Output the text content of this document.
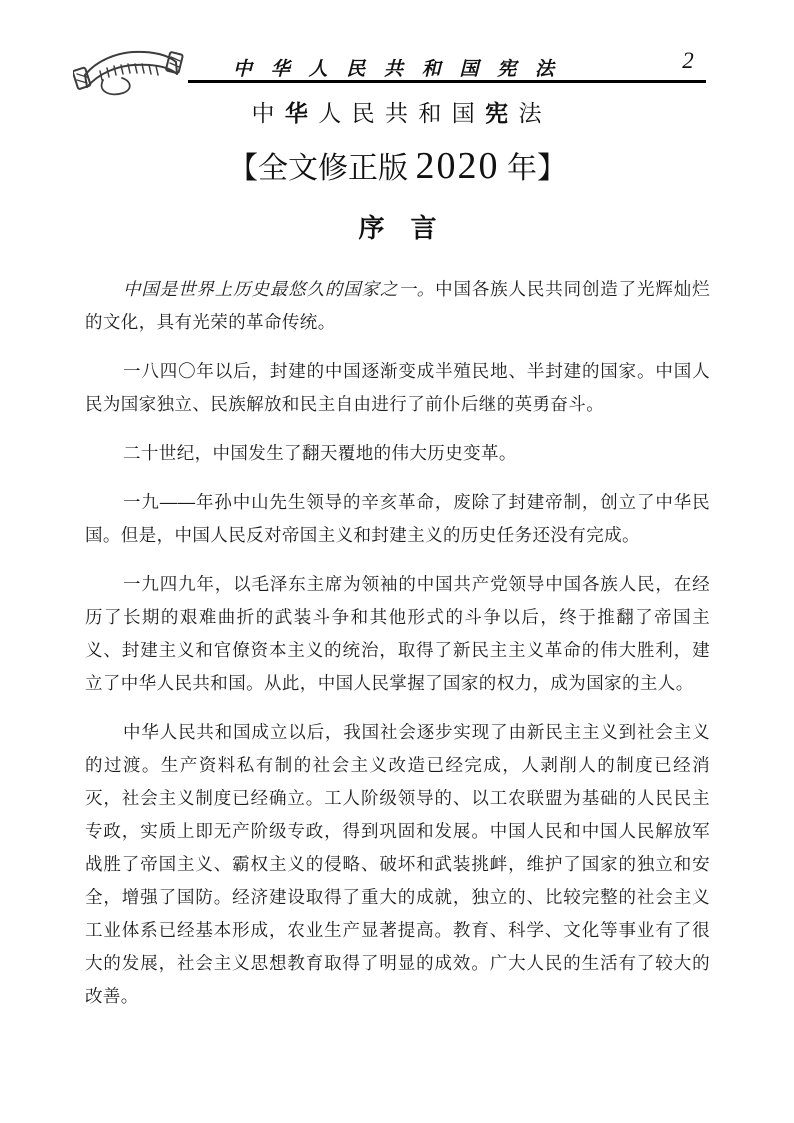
中 华 人 民 共 和 国 宪 法	2
中 华 人 民 共 和 国 宪 法
【全文修正版 2020 年】
序　言

中国是世界上历史最悠久的国家之一。中国各族人民共同创造了光辉灿烂的文化，具有光荣的革命传统。

一八四〇年以后，封建的中国逐渐变成半殖民地、半封建的国家。中国人民为国家独立、民族解放和民主自由进行了前仆后继的英勇奋斗。

二十世纪，中国发生了翻天覆地的伟大历史变革。

一九——年孙中山先生领导的辛亥革命，废除了封建帝制，创立了中华民国。但是，中国人民反对帝国主义和封建主义的历史任务还没有完成。

一九四九年，以毛泽东主席为领袖的中国共产党领导中国各族人民，在经历了长期的艰难曲折的武装斗争和其他形式的斗争以后，终于推翻了帝国主义、封建主义和官僚资本主义的统治，取得了新民主主义革命的伟大胜利，建立了中华人民共和国。从此，中国人民掌握了国家的权力，成为国家的主人。

中华人民共和国成立以后，我国社会逐步实现了由新民主主义到社会主义的过渡。生产资料私有制的社会主义改造已经完成，人剥削人的制度已经消灭，社会主义制度已经确立。工人阶级领导的、以工农联盟为基础的人民民主专政，实质上即无产阶级专政，得到巩固和发展。中国人民和中国人民解放军战胜了帝国主义、霸权主义的侵略、破坏和武装挑衅，维护了国家的独立和安全，增强了国防。经济建设取得了重大的成就，独立的、比较完整的社会主义工业体系已经基本形成，农业生产显著提高。教育、科学、文化等事业有了很大的发展，社会主义思想教育取得了明显的成效。广大人民的生活有了较大的改善。
